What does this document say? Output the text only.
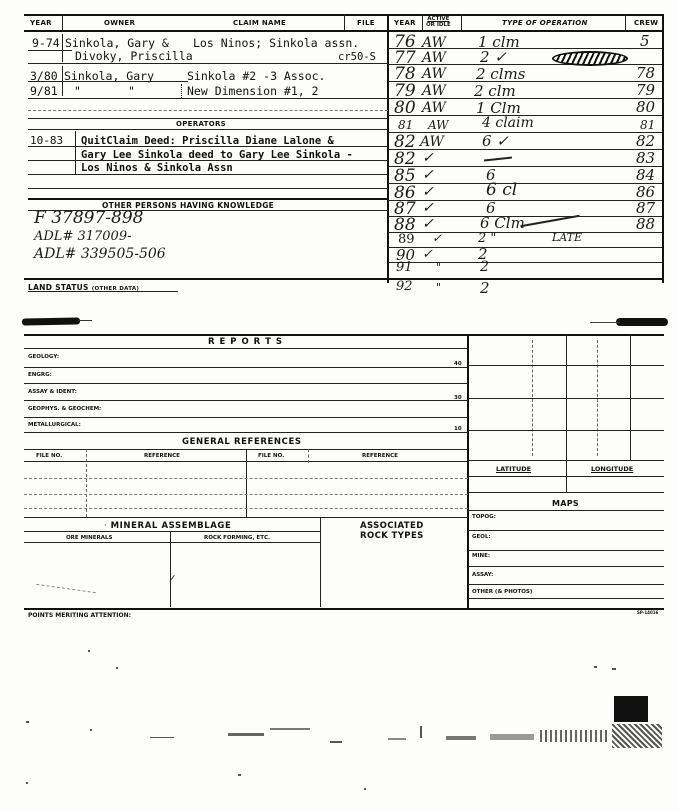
YEAR	OWNER	CLAIM NAME	FILE	YEAR ACTIVE
OR IDLE	TYPE OF OPERATION	CREW
9-74 Sinkola, Gary & Los Ninos; Sinkola assn.
Divoky, Priscilla	cr50-S
3/80 Sinkola, Gary	Sinkola #2 -3 Assoc.
9/81 "	"	New Dimension #1, 2
OPERATORS
10-83 QuitClaim Deed: Priscilla Diane Lalone &
Gary Lee Sinkola deed to Gary Lee Sinkola -
Los Ninos & Sinkola Assn
OTHER PERSONS HAVING KNOWLEDGE
F 37897-898
ADL# 317009-
ADL# 339505-506
76 AW 1 clm	5
77 AW 2 ✓
78 AW 2 clms	78
79 AW 2 clm	79
80 AW 1 Clm	80
81 AW 4 claim	81
82 AW	6 ✓	82
82 ✓	83
85 ✓	6	84
86 ✓	6 cl	86
87 ✓	6	87
88 ✓	6 Clm	88
89 ✓	2 "	LATE
90 ✓	2
91 "	2
92 "	2
LAND STATUS (OTHER DATA)
R E P O R T S
GEOLOGY:
40
ENGRG:
ASSAY & IDENT:
30
GEOPHYS. & GEOCHEM:
METALLURGICAL:
10
GENERAL REFERENCES
FILE NO.	REFERENCE	FILE NO.	REFERENCE
· MINERAL ASSEMBLAGE	ASSOCIATED
ROCK TYPES
ORE MINERALS	ROCK FORMING, ETC.
LATITUDE	LONGITUDE
MAPS
TOPOG:
GEOL:
MINE:
ASSAY:
OTHER (& PHOTOS)
POINTS MERITING ATTENTION:	SP-14016
